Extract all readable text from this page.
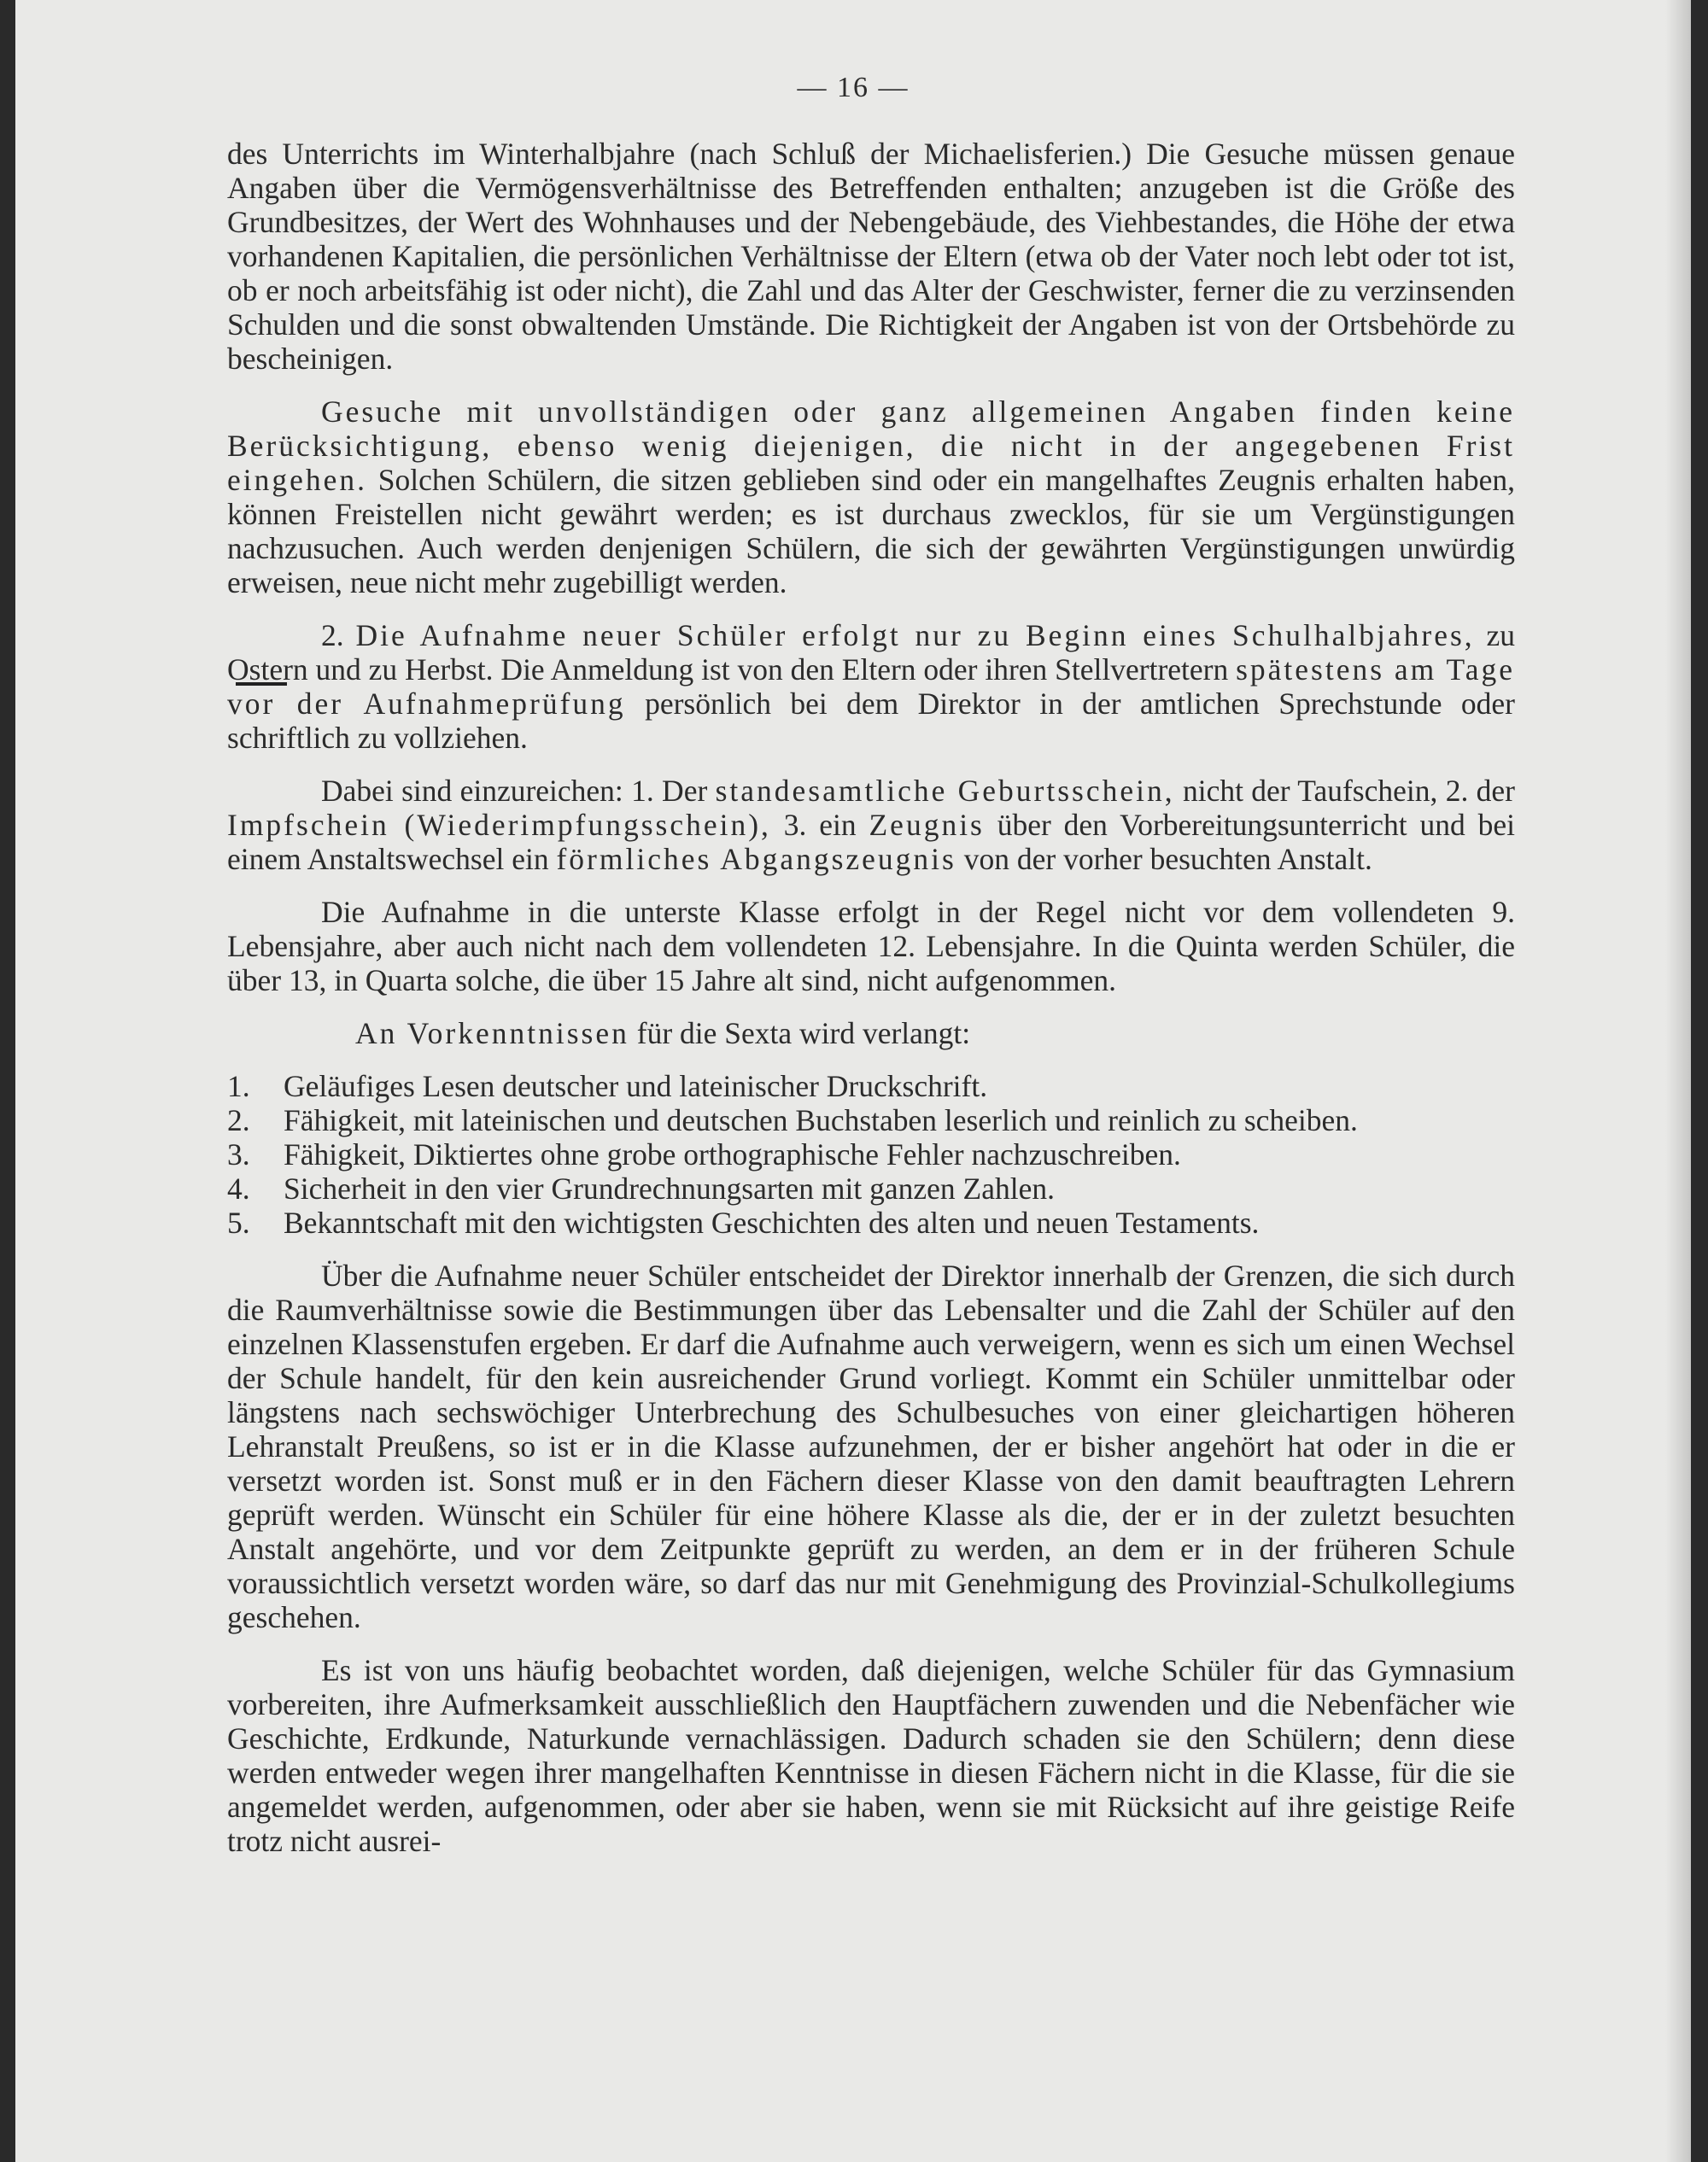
— 16 —

des Unterrichts im Winterhalbjahre (nach Schluß der Michaelisferien.) Die Gesuche müssen genaue Angaben über die Vermögensverhältnisse des Betreffenden enthalten; anzugeben ist die Größe des Grundbesitzes, der Wert des Wohnhauses und der Nebengebäude, des Viehbestandes, die Höhe der etwa vorhandenen Kapitalien, die persönlichen Verhältnisse der Eltern (etwa ob der Vater noch lebt oder tot ist, ob er noch arbeitsfähig ist oder nicht), die Zahl und das Alter der Geschwister, ferner die zu verzinsenden Schulden und die sonst obwaltenden Umstände. Die Richtigkeit der Angaben ist von der Ortsbehörde zu bescheinigen.

Gesuche mit unvollständigen oder ganz allgemeinen Angaben finden keine Berücksichtigung, ebenso wenig diejenigen, die nicht in der angegebenen Frist eingehen. Solchen Schülern, die sitzen geblieben sind oder ein mangelhaftes Zeugnis erhalten haben, können Freistellen nicht gewährt werden; es ist durchaus zwecklos, für sie um Vergünstigungen nachzusuchen. Auch werden denjenigen Schülern, die sich der gewährten Vergünstigungen unwürdig erweisen, neue nicht mehr zugebilligt werden.

2. Die Aufnahme neuer Schüler erfolgt nur zu Beginn eines Schulhalbjahres, zu Ostern und zu Herbst. Die Anmeldung ist von den Eltern oder ihren Stellvertretern spätestens am Tage vor der Aufnahmeprüfung persönlich bei dem Direktor in der amtlichen Sprechstunde oder schriftlich zu vollziehen.

Dabei sind einzureichen: 1. Der standesamtliche Geburtsschein, nicht der Taufschein, 2. der Impfschein (Wiederimpfungsschein), 3. ein Zeugnis über den Vorbereitungsunterricht und bei einem Anstaltswechsel ein förmliches Abgangszeugnis von der vorher besuchten Anstalt.

Die Aufnahme in die unterste Klasse erfolgt in der Regel nicht vor dem vollendeten 9. Lebensjahre, aber auch nicht nach dem vollendeten 12. Lebensjahre. In die Quinta werden Schüler, die über 13, in Quarta solche, die über 15 Jahre alt sind, nicht aufgenommen.

An Vorkenntnissen für die Sexta wird verlangt:

1.	Geläufiges Lesen deutscher und lateinischer Druckschrift.
2.	Fähigkeit, mit lateinischen und deutschen Buchstaben leserlich und reinlich zu scheiben.
3.	Fähigkeit, Diktiertes ohne grobe orthographische Fehler nachzuschreiben.
4.	Sicherheit in den vier Grundrechnungsarten mit ganzen Zahlen.
5.	Bekanntschaft mit den wichtigsten Geschichten des alten und neuen Testaments.

Über die Aufnahme neuer Schüler entscheidet der Direktor innerhalb der Grenzen, die sich durch die Raumverhältnisse sowie die Bestimmungen über das Lebensalter und die Zahl der Schüler auf den einzelnen Klassenstufen ergeben. Er darf die Aufnahme auch verweigern, wenn es sich um einen Wechsel der Schule handelt, für den kein ausreichender Grund vorliegt. Kommt ein Schüler unmittelbar oder längstens nach sechswöchiger Unterbrechung des Schulbesuches von einer gleichartigen höheren Lehranstalt Preußens, so ist er in die Klasse aufzunehmen, der er bisher angehört hat oder in die er versetzt worden ist. Sonst muß er in den Fächern dieser Klasse von den damit beauftragten Lehrern geprüft werden. Wünscht ein Schüler für eine höhere Klasse als die, der er in der zuletzt besuchten Anstalt angehörte, und vor dem Zeitpunkte geprüft zu werden, an dem er in der früheren Schule voraussichtlich versetzt worden wäre, so darf das nur mit Genehmigung des Provinzial-Schulkollegiums geschehen.

Es ist von uns häufig beobachtet worden, daß diejenigen, welche Schüler für das Gymnasium vorbereiten, ihre Aufmerksamkeit ausschließlich den Hauptfächern zuwenden und die Nebenfächer wie Geschichte, Erdkunde, Naturkunde vernachlässigen. Dadurch schaden sie den Schülern; denn diese werden entweder wegen ihrer mangelhaften Kenntnisse in diesen Fächern nicht in die Klasse, für die sie angemeldet werden, aufgenommen, oder aber sie haben, wenn sie mit Rücksicht auf ihre geistige Reife trotz nicht ausrei-
